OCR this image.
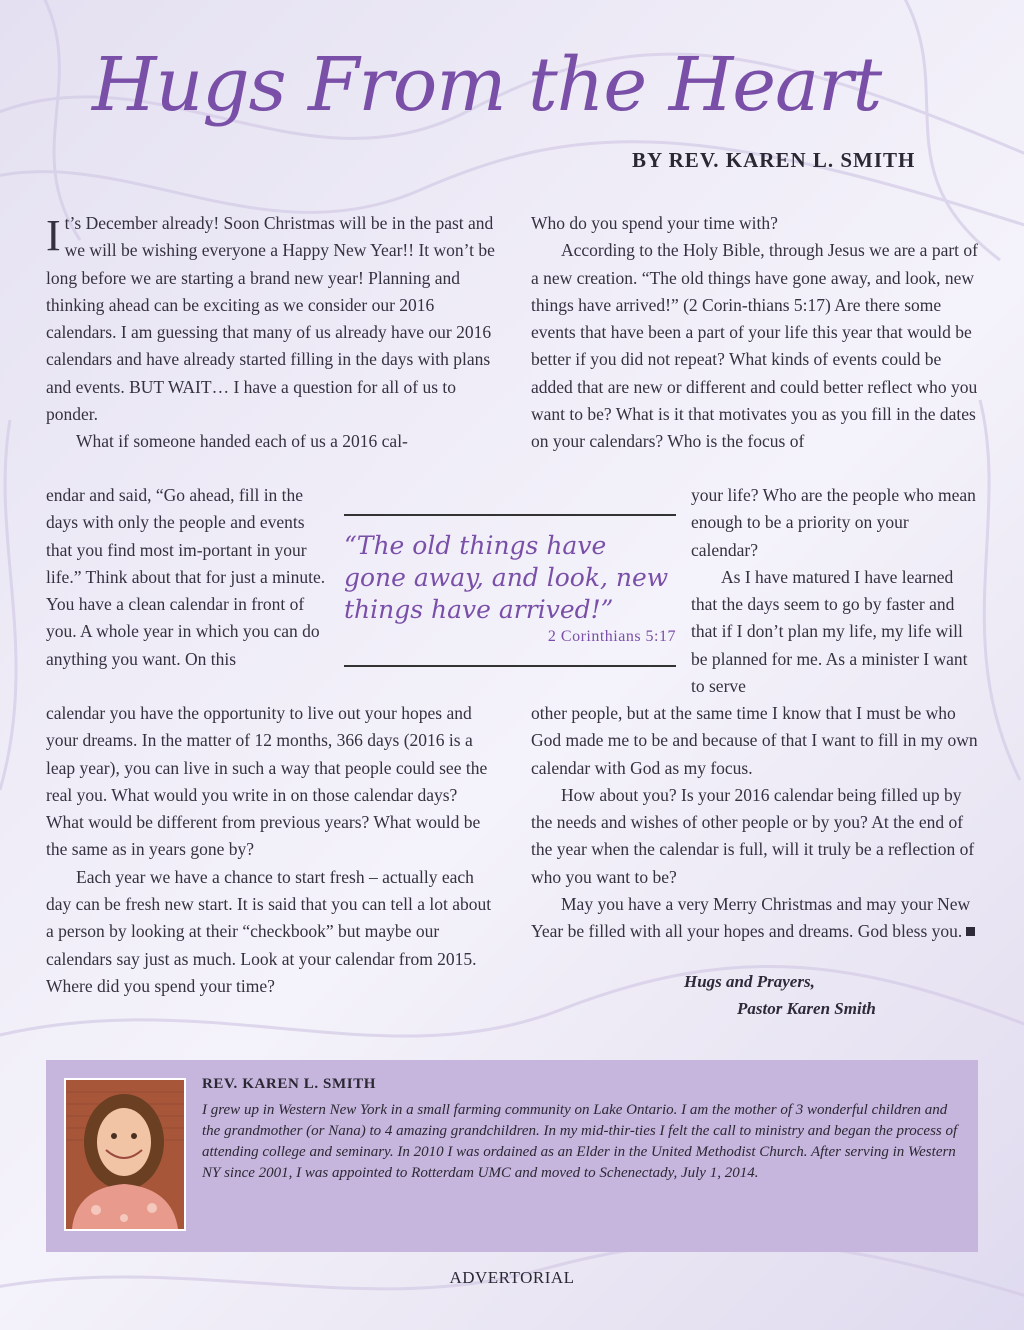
Hugs From the Heart
BY REV. KAREN L. SMITH

It’s December already! Soon Christmas will be in the past and we will be wishing everyone a Happy New Year!! It won’t be long before we are starting a brand new year! Planning and thinking ahead can be exciting as we consider our 2016 calendars. I am guessing that many of us already have our 2016 calendars and have already started filling in the days with plans and events. BUT WAIT… I have a question for all of us to ponder.

What if someone handed each of us a 2016 cal-

endar and said, “Go ahead, fill in the days with only the people and events that you find most im-portant in your life.” Think about that for just a minute. You have a clean calendar in front of you. A whole year in which you can do anything you want. On this

calendar you have the opportunity to live out your hopes and your dreams. In the matter of 12 months, 366 days (2016 is a leap year), you can live in such a way that people could see the real you. What would you write in on those calendar days? What would be different from previous years? What would be the same as in years gone by?

Each year we have a chance to start fresh – actually each day can be fresh new start. It is said that you can tell a lot about a person by looking at their “checkbook” but maybe our calendars say just as much. Look at your calendar from 2015. Where did you spend your time?

Who do you spend your time with?

According to the Holy Bible, through Jesus we are a part of a new creation. “The old things have gone away, and look, new things have arrived!” (2 Corin-thians 5:17) Are there some events that have been a part of your life this year that would be better if you did not repeat? What kinds of events could be added that are new or different and could better reflect who you want to be? What is it that motivates you as you fill in the dates on your calendars? Who is the focus of

your life? Who are the people who mean enough to be a priority on your calendar?

As I have matured I have learned that the days seem to go by faster and that if I don’t plan my life, my life will be planned for me. As a minister I want to serve

other people, but at the same time I know that I must be who God made me to be and because of that I want to fill in my own calendar with God as my focus.

How about you? Is your 2016 calendar being filled up by the needs and wishes of other people or by you? At the end of the year when the calendar is full, will it truly be a reflection of who you want to be?

May you have a very Merry Christmas and may your New Year be filled with all your hopes and dreams. God bless you.

Hugs and Prayers,
Pastor Karen Smith
“The old things have gone away, and look, new things have arrived!”
2 Corinthians 5:17
REV. KAREN L. SMITH
I grew up in Western New York in a small farming community on Lake Ontario. I am the mother of 3 wonderful children and the grandmother (or Nana) to 4 amazing grandchildren. In my mid-thir-ties I felt the call to ministry and began the process of attending college and seminary. In 2010 I was ordained as an Elder in the United Methodist Church. After serving in Western NY since 2001, I was appointed to Rotterdam UMC and moved to Schenectady, July 1, 2014.
ADVERTORIAL
